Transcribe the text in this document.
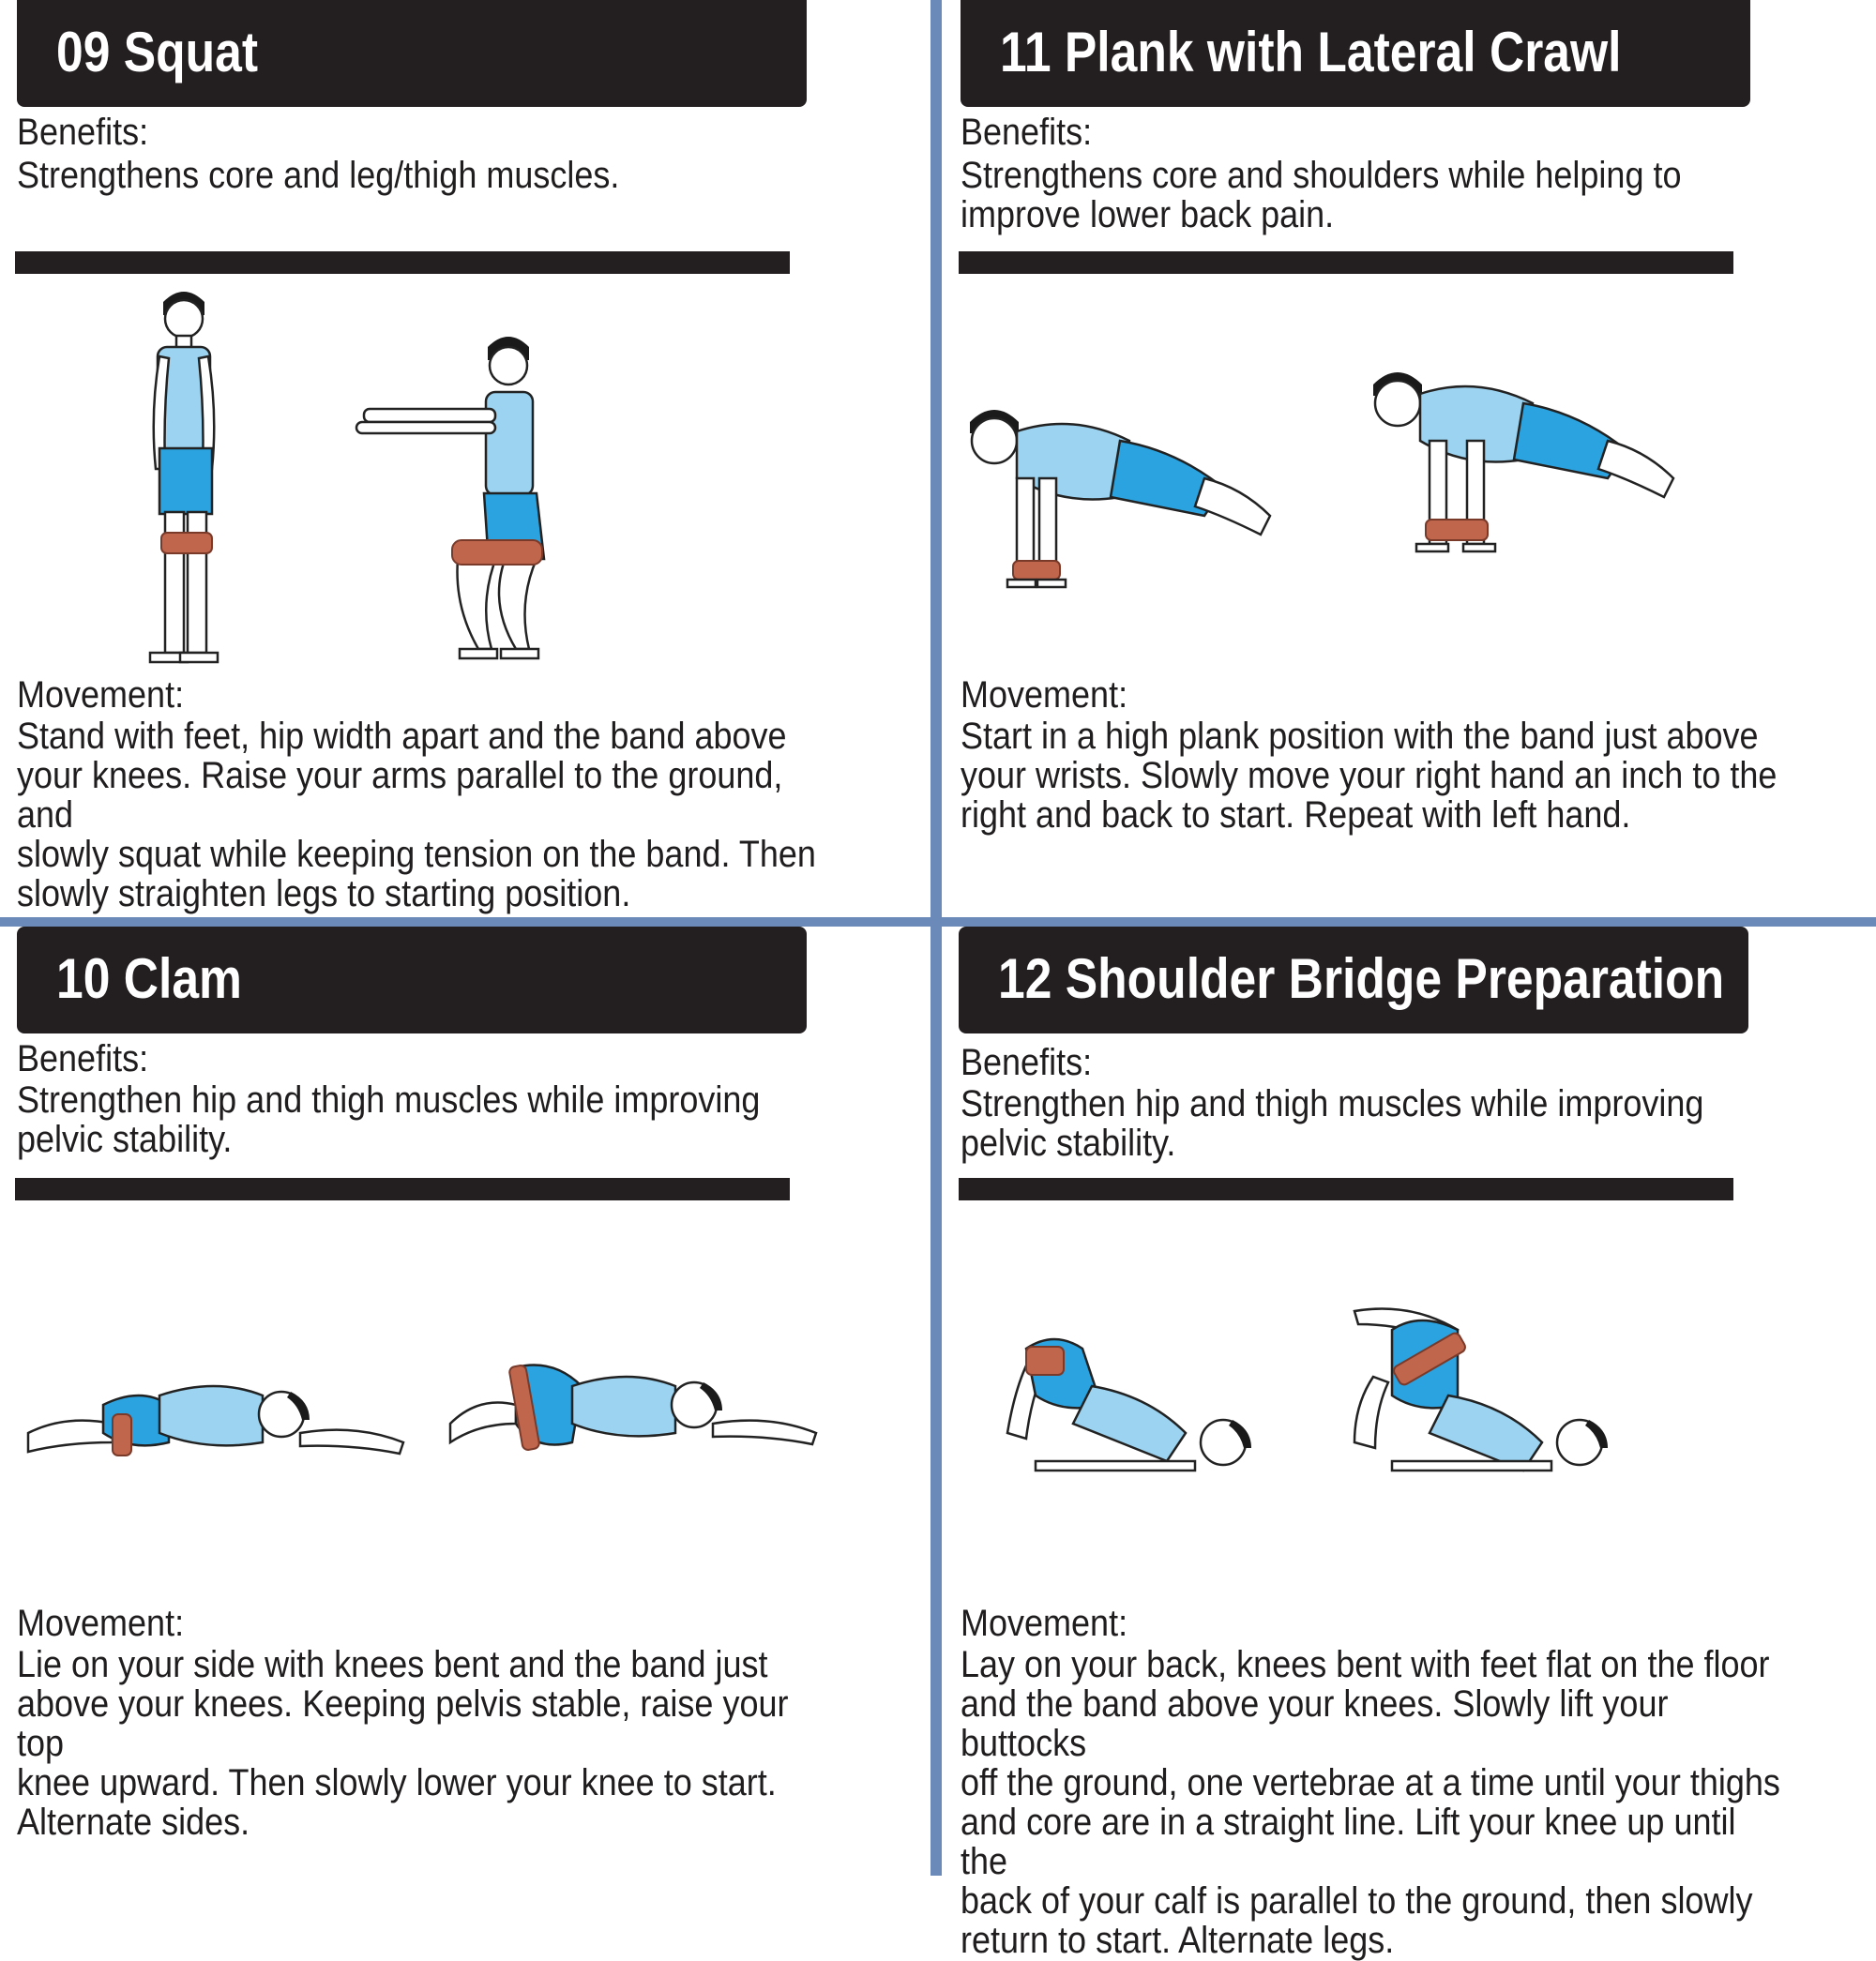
09 Squat
Benefits:
Strengthens core and leg/thigh muscles.
Movement:
Stand with feet, hip width apart and the band above
your knees. Raise your arms parallel to the ground, and
slowly squat while keeping tension on the band. Then
slowly straighten legs to starting position.
11 Plank with Lateral Crawl
Benefits:
Strengthens core and shoulders while helping to
improve lower back pain.
Movement:
Start in a high plank position with the band just above
your wrists. Slowly move your right hand an inch to the
right and back to start. Repeat with left hand.
10 Clam
Benefits:
Strengthen hip and thigh muscles while improving
pelvic stability.
Movement:
Lie on your side with knees bent and the band just
above your knees. Keeping pelvis stable, raise your top
knee upward. Then slowly lower your knee to start.
Alternate sides.
12 Shoulder Bridge Preparation
Benefits:
Strengthen hip and thigh muscles while improving
pelvic stability.
Movement:
Lay on your back, knees bent with feet flat on the floor
and the band above your knees. Slowly lift your buttocks
off the ground, one vertebrae at a time until your thighs
and core are in a straight line. Lift your knee up until the
back of your calf is parallel to the ground, then slowly
return to start. Alternate legs.
